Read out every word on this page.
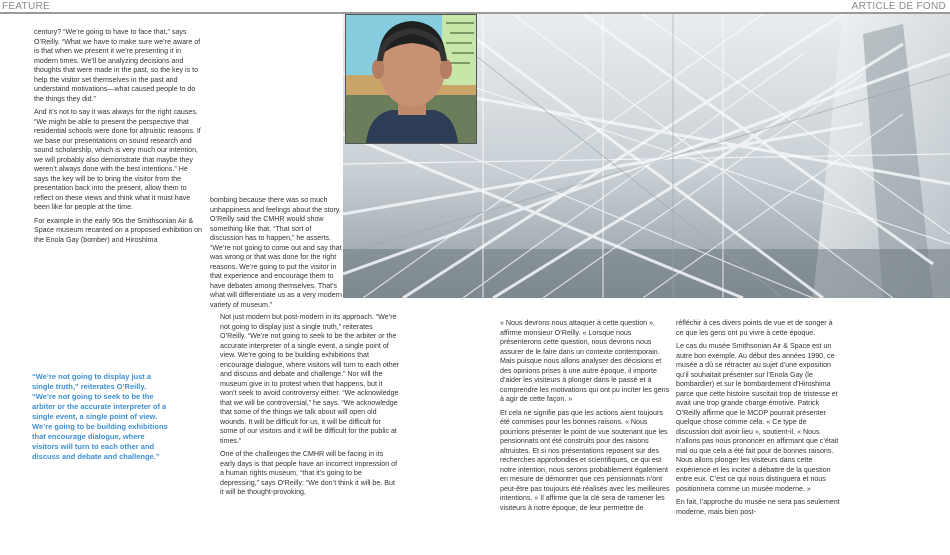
FEATURE	ARTICLE DE FOND

century? “We’re going to have to face that,” says O’Reilly. “What we have to make sure we’re aware of is that when we present it we’re presenting it in modern times. We’ll be analyzing decisions and thoughts that were made in the past, so the key is to help the visitor set themselves in the past and understand motivations—what caused people to do the things they did.”

And it’s not to say it was always for the right causes. “We might be able to present the perspective that residential schools were done for altruistic reasons. If we base our presentations on sound research and sound scholarship, which is very much our intention, we will probably also demonstrate that maybe they weren’t always done with the best intentions.” He says the key will be to bring the visitor from the presentation back into the present, allow them to reflect on these views and think what it must have been like for people at the time.

For example in the early 90s the Smithsonian Air & Space museum recanted on a proposed exhibition on the Enola Gay (bomber) and Hiroshima

“We’re not going to display just a single truth,” reiterates O’Reilly. “We’re not going to seek to be the arbiter or the accurate interpreter of a single event, a single point of view. We’re going to be building exhibitions that encourage dialogue, where visitors will turn to each other and discuss and debate and challenge.”

bombing because there was so much unhappiness and feelings about the story. O’Reilly said the CMHR would show something like that. “That sort of discussion has to happen,” he asserts. “We’re not going to come out and say that was wrong or that was done for the right reasons. We’re going to put the visitor in that experience and encourage them to have debates among themselves. That’s what will differentiate us as a very modern variety of museum.”

Not just modern but post-modern in its approach. “We’re not going to display just a single truth,” reiterates O’Reilly. “We’re not going to seek to be the arbiter or the accurate interpreter of a single event, a single point of view. We’re going to be building exhibitions that encourage dialogue, where visitors will turn to each other and discuss and debate and challenge.” Nor will the museum give in to protest when that happens, but it won’t seek to avoid controversy either. “We acknowledge that we will be controversial,” he says. “We acknowledge that some of the things we talk about will open old wounds. It will be difficult for us, it will be difficult for some of our visitors and it will be difficult for the public at times.”

One of the challenges the CMHR will be facing in its early days is that people have an incorrect impression of a human rights museum, “that it’s going to be depressing,” says O’Reilly: “We don’t think it will be. But it will be thought-provoking,

« Nous devrons nous attaquer à cette question », affirme monsieur O’Reilly. « Lorsque nous présenterons cette question, nous devrons nous assurer de le faire dans un contexte contemporain. Mais puisque nous allons analyser des décisions et des opinions prises à une autre époque, il importe d’aider les visiteurs à plonger dans le passé et à comprendre les motivations qui ont pu inciter les gens à agir de cette façon. »

Et cela ne signifie pas que les actions aient toujours été commises pour les bonnes raisons. « Nous pourrions présenter le point de vue soutenant que les pensionnats ont été construits pour des raisons altruistes. Et si nos présentations reposent sur des recherches approfondies et scientifiques, ce qui est notre intention, nous serons probablement également en mesure de démontrer que ces pensionnats n’ont peut-être pas toujours été réalisés avec les meilleures intentions. » Il affirme que la clé sera de ramener les visiteurs à notre époque, de leur permettre de

réfléchir à ces divers points de vue et de songer à ce que les gens ont pu vivre à cette époque.

Le cas du musée Smithsonian Air & Space est un autre bon exemple. Au début des années 1990, ce musée a dû se rétracter au sujet d’une exposition qu’il souhaitait présenter sur l’Enola Gay (le bombardier) et sur le bombardement d’Hiroshima parce que cette histoire suscitait trop de tristesse et avait une trop grande charge émotive. Patrick O’Reilly affirme que le MCDP pourrait présenter quelque chose comme cela. « Ce type de discussion doit avoir lieu », soutient-il. « Nous n’allons pas nous prononcer en affirmant que c’était mal ou que cela a été fait pour de bonnes raisons. Nous allons plonger les visiteurs dans cette expérience et les inciter à débattre de la question entre eux. C’est ce qui nous distinguera et nous positionnera comme un musée moderne. »

En fait, l’approche du musée ne sera pas seulement moderne, mais bien post-
